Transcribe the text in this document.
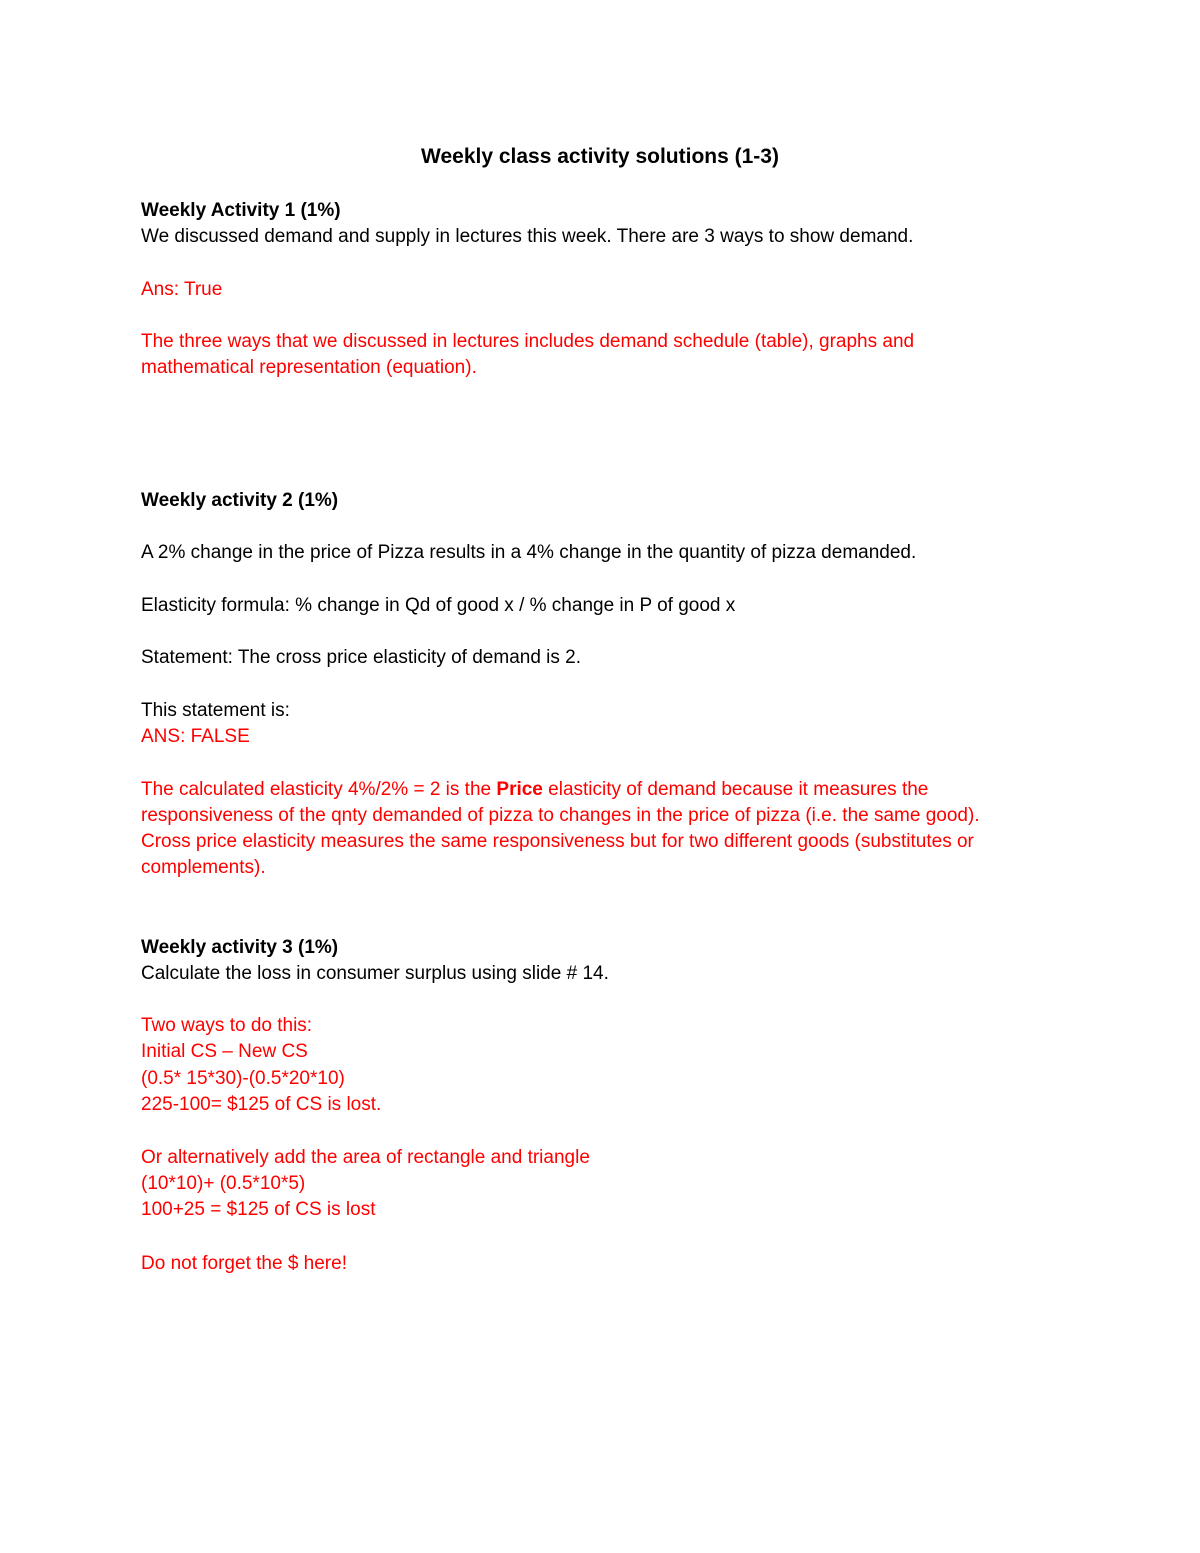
Weekly class activity solutions (1-3)
Weekly Activity 1 (1%)
We discussed demand and supply in lectures this week. There are 3 ways to show demand.
Ans: True
The three ways that we discussed in lectures includes demand schedule (table), graphs and
mathematical representation (equation).
Weekly activity 2 (1%)
A 2% change in the price of Pizza results in a 4% change in the quantity of pizza demanded.
Elasticity formula: % change in Qd of good x / % change in P of good x
Statement: The cross price elasticity of demand is 2.
This statement is:
ANS: FALSE
The calculated elasticity 4%/2% = 2 is the Price elasticity of demand because it measures the
responsiveness of the qnty demanded of pizza to changes in the price of pizza (i.e. the same good).
Cross price elasticity measures the same responsiveness but for two different goods (substitutes or
complements).
Weekly activity 3 (1%)
Calculate the loss in consumer surplus using slide # 14.
Two ways to do this:
Initial CS – New CS
(0.5* 15*30)-(0.5*20*10)
225-100= $125 of CS is lost.
Or alternatively add the area of rectangle and triangle
(10*10)+ (0.5*10*5)
100+25 = $125 of CS is lost
Do not forget the $ here!
